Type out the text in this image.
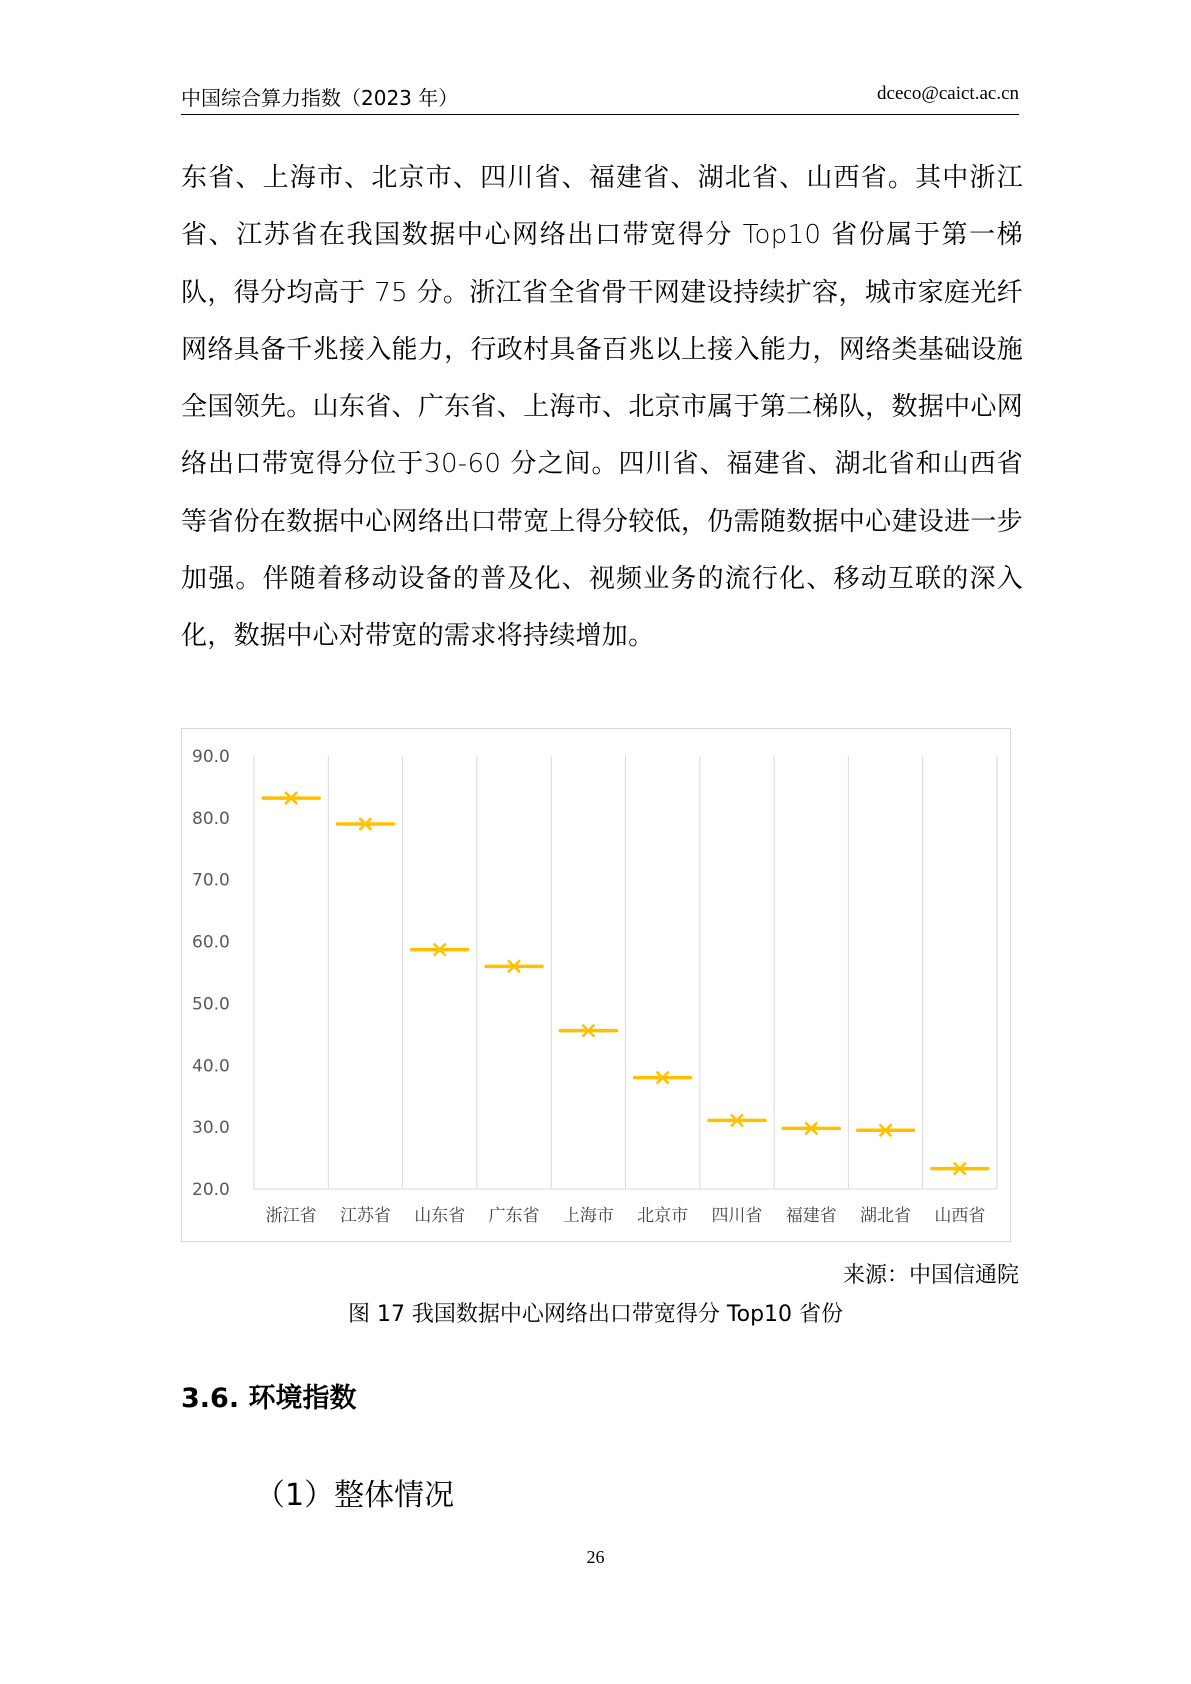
中国综合算力指数（2023 年）	dceco@caict.ac.cn

东省、上海市、北京市、四川省、福建省、湖北省、山西省。其中浙江省、江苏省在我国数据中心网络出口带宽得分 Top10 省份属于第一梯队，得分均高于 75 分。浙江省全省骨干网建设持续扩容，城市家庭光纤网络具备千兆接入能力，行政村具备百兆以上接入能力，网络类基础设施全国领先。山东省、广东省、上海市、北京市属于第二梯队，数据中心网络出口带宽得分位于30-60 分之间。四川省、福建省、湖北省和山西省等省份在数据中心网络出口带宽上得分较低，仍需随数据中心建设进一步加强。伴随着移动设备的普及化、视频业务的流行化、移动互联的深入化，数据中心对带宽的需求将持续增加。

20.0
30.0
40.0
50.0
60.0
70.0
80.0
90.0
浙江省 江苏省 山东省 广东省 上海市 北京市 四川省 福建省 湖北省 山西省
来源：中国信通院
图 17 我国数据中心网络出口带宽得分 Top10 省份
3.6. 环境指数
（1）整体情况
26
